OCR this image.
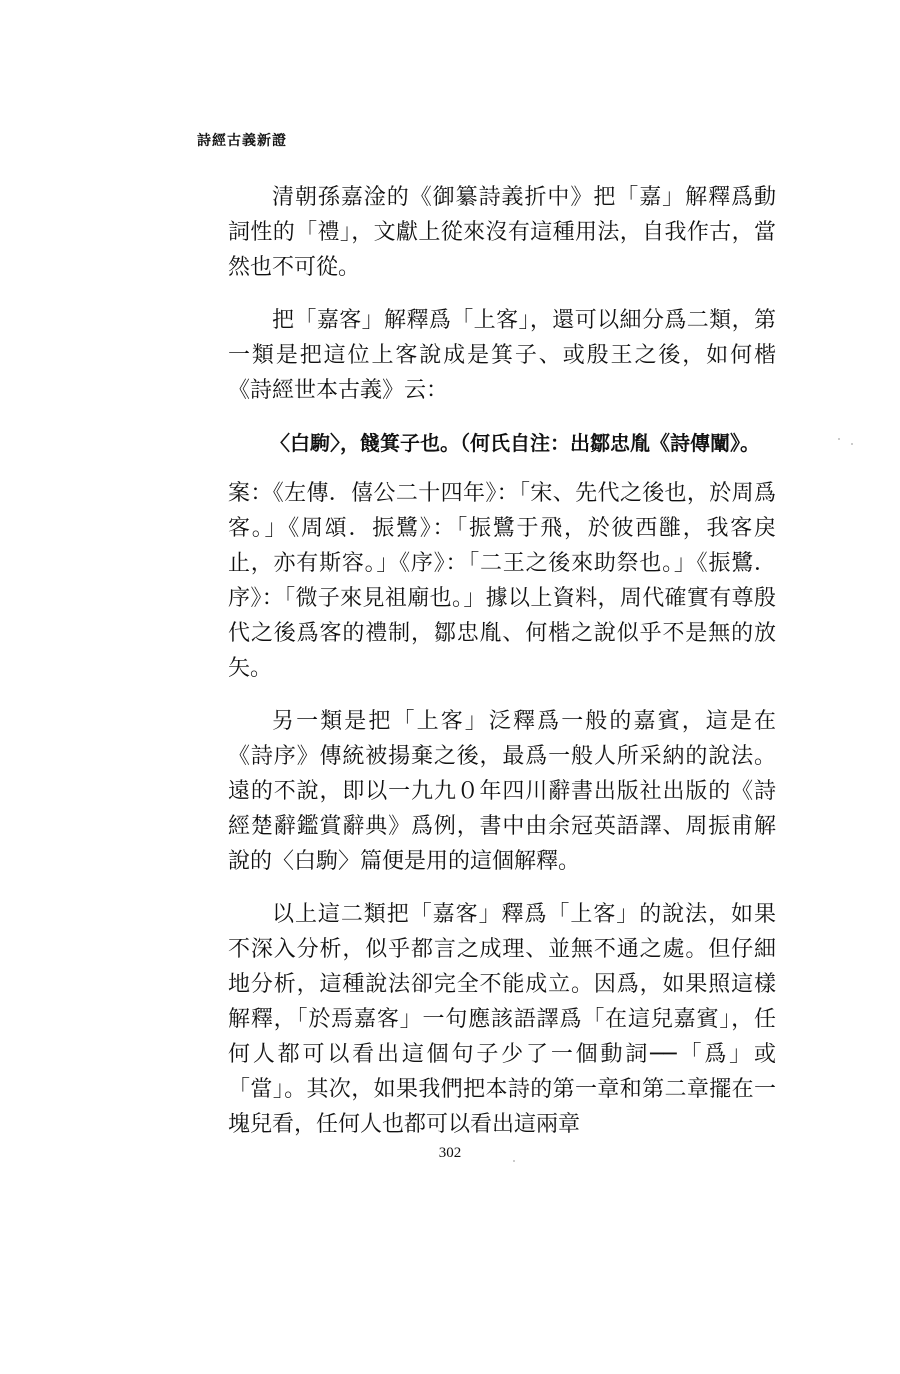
詩經古義新證

清朝孫嘉淦的《御纂詩義折中》把「嘉」解釋爲動詞性的「禮」，文獻上從來沒有這種用法，自我作古，當然也不可從。

把「嘉客」解釋爲「上客」，還可以細分爲二類，第一類是把這位上客說成是箕子、或殷王之後，如何楷《詩經世本古義》云：

〈白駒〉，餞箕子也。（何氏自注：出鄒忠胤《詩傳闡》。

案：《左傳．僖公二十四年》：「宋、先代之後也，於周爲客。」《周頌．振鷺》：「振鷺于飛，於彼西雝，我客戾止，亦有斯容。」《序》：「二王之後來助祭也。」《振鷺．序》：「微子來見祖廟也。」據以上資料，周代確實有尊殷代之後爲客的禮制，鄒忠胤、何楷之說似乎不是無的放矢。

另一類是把「上客」泛釋爲一般的嘉賓，這是在《詩序》傳統被揚棄之後，最爲一般人所采納的說法。遠的不說，即以一九九０年四川辭書出版社出版的《詩經楚辭鑑賞辭典》爲例，書中由余冠英語譯、周振甫解說的〈白駒〉篇便是用的這個解釋。

以上這二類把「嘉客」釋爲「上客」的說法，如果不深入分析，似乎都言之成理、並無不通之處。但仔細地分析，這種說法卻完全不能成立。因爲，如果照這樣解釋，「於焉嘉客」一句應該語譯爲「在這兒嘉賓」，任何人都可以看出這個句子少了一個動詞──「爲」或「當」。其次，如果我們把本詩的第一章和第二章擺在一塊兒看，任何人也都可以看出這兩章

302
